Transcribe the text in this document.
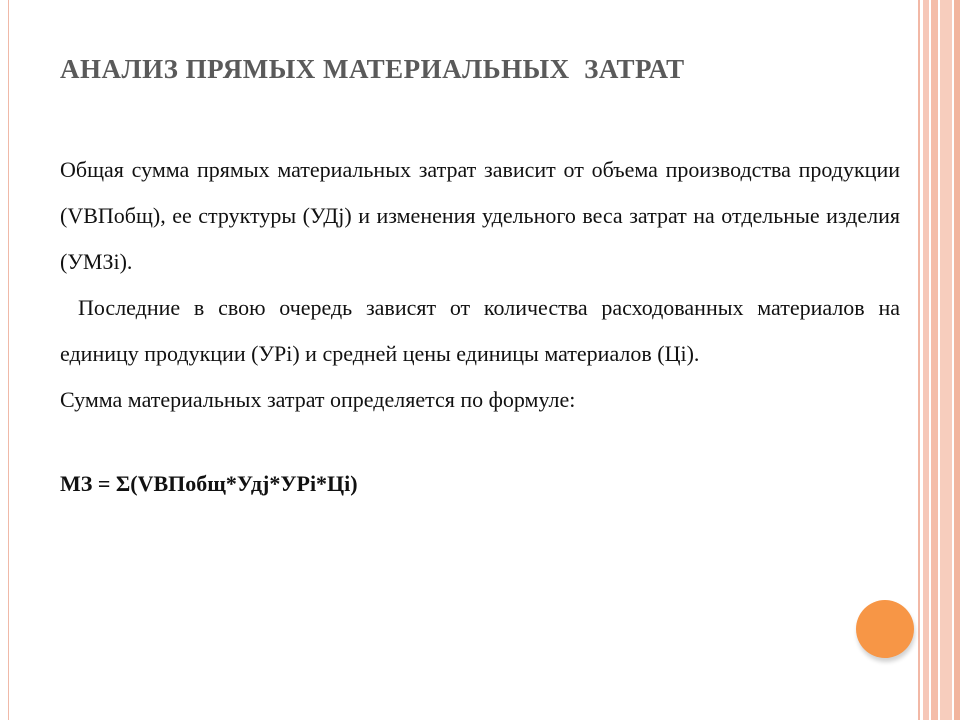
АНАЛИЗ ПРЯМЫХ МАТЕРИАЛЬНЫХ  ЗАТРАТ

Общая сумма прямых материальных затрат зависит от объема производства продукции (VВПобщ), ее структуры (УДj) и изменения удельного веса затрат на отдельные изделия (УМЗi).

Последние в свою очередь зависят от количества расходованных материалов на единицу продукции (УРi) и средней цены единицы материалов (Цi).

Сумма материальных затрат определяется по формуле:

МЗ = Σ(VВПобщ*Удj*УРi*Цi)
